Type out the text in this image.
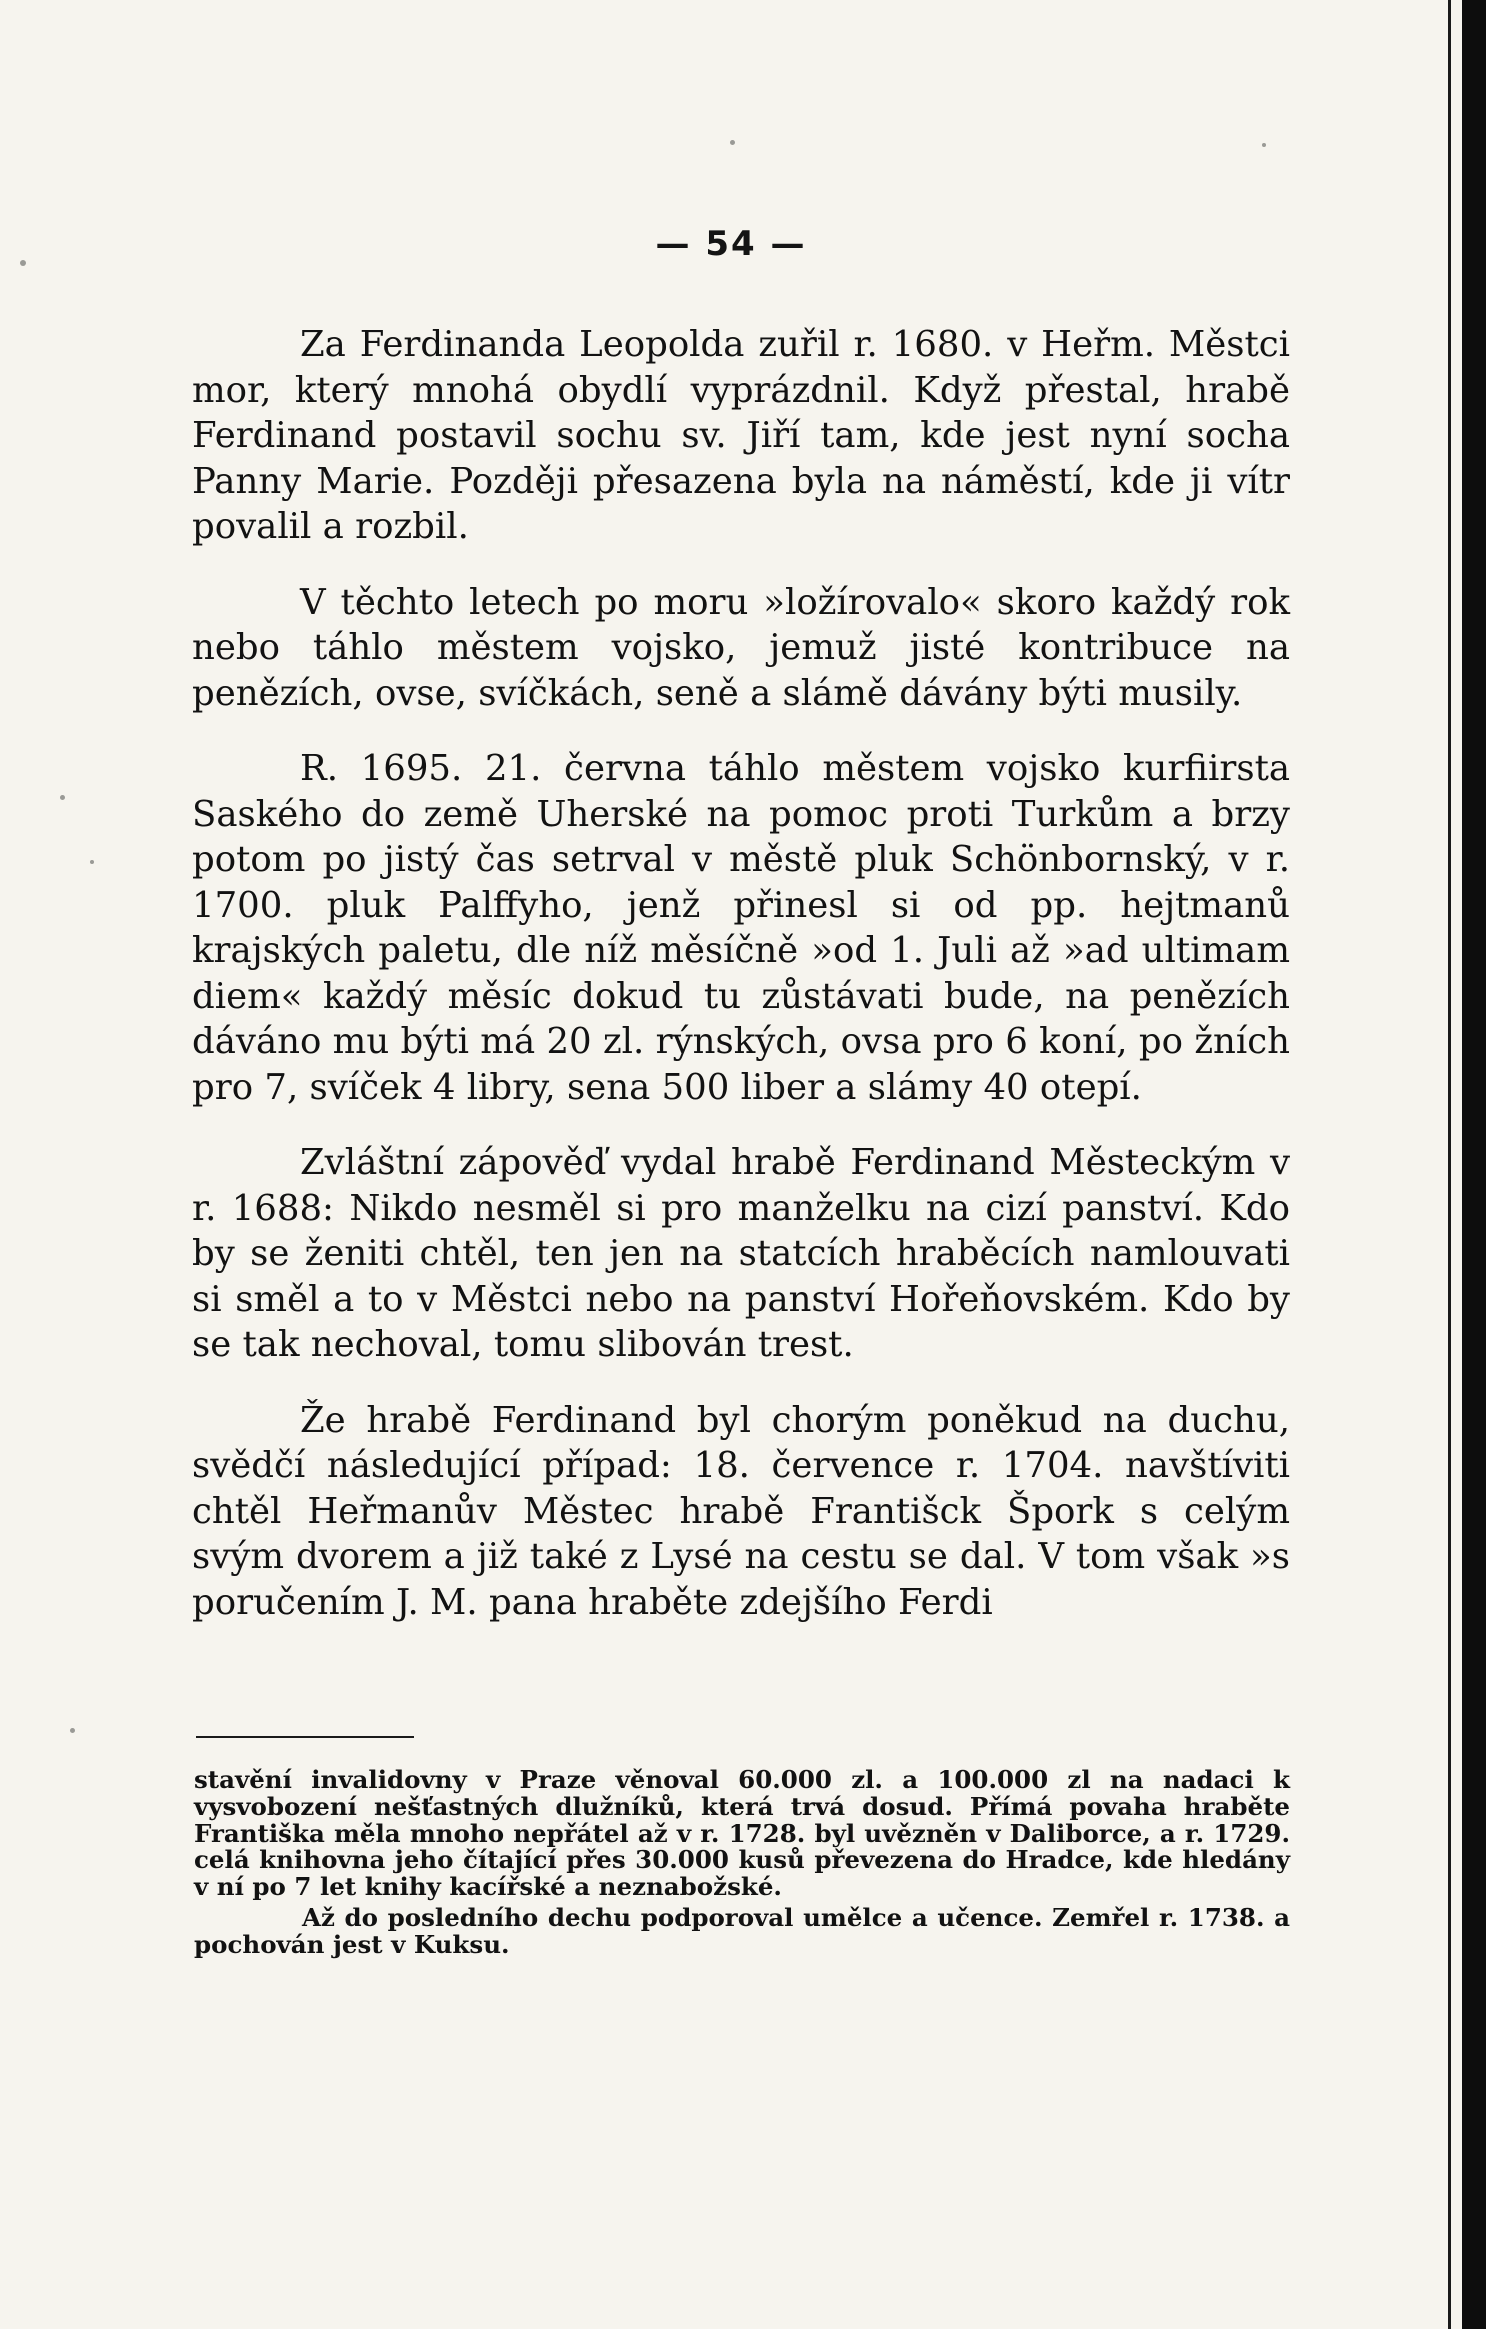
— 54 —

Za Ferdinanda Leopolda zuřil r. 1680. v Heřm. Městci mor, který mnohá obydlí vyprázdnil. Když přestal, hrabě Ferdinand postavil sochu sv. Jiří tam, kde jest nyní socha Panny Marie. Později přesazena byla na náměstí, kde ji vítr povalil a rozbil.

V těchto letech po moru »ložírovalo« skoro každý rok nebo táhlo městem vojsko, jemuž jisté kontribuce na penězích, ovse, svíčkách, seně a slámě dávány býti musily.

R. 1695. 21. června táhlo městem vojsko kurfiirsta Saského do země Uherské na pomoc proti Turkům a brzy potom po jistý čas setrval v městě pluk Schönbornský, v r. 1700. pluk Palffyho, jenž přinesl si od pp. hejtmanů krajských paletu, dle níž měsíčně »od 1. Juli až »ad ultimam diem« každý měsíc dokud tu zůstávati bude, na penězích dáváno mu býti má 20 zl. rýnských, ovsa pro 6 koní, po žních pro 7, svíček 4 libry, sena 500 liber a slámy 40 otepí.

Zvláštní zápověď vydal hrabě Ferdinand Městeckým v r. 1688: Nikdo nesměl si pro manželku na cizí panství. Kdo by se ženiti chtěl, ten jen na statcích hraběcích namlouvati si směl a to v Městci nebo na panství Hořeňovském. Kdo by se tak nechoval, tomu slibován trest.

Že hrabě Ferdinand byl chorým poněkud na duchu, svědčí následující případ: 18. července r. 1704. navštíviti chtěl Heřmanův Městec hrabě Františck Špork s celým svým dvorem a již také z Lysé na cestu se dal. V tom však »s poručením J. M. pana hraběte zdejšího Ferdi

stavění invalidovny v Praze věnoval 60.000 zl. a 100.000 zl na nadaci k vysvobození nešťastných dlužníků, která trvá dosud. Přímá povaha hraběte Františka měla mnoho nepřátel až v r. 1728. byl uvězněn v Daliborce, a r. 1729. celá knihovna jeho čítající přes 30.000 kusů převezena do Hradce, kde hledány v ní po 7 let knihy kacířské a neznabožské.

Až do posledního dechu podporoval umělce a učence. Zemřel r. 1738. a pochován jest v Kuksu.
